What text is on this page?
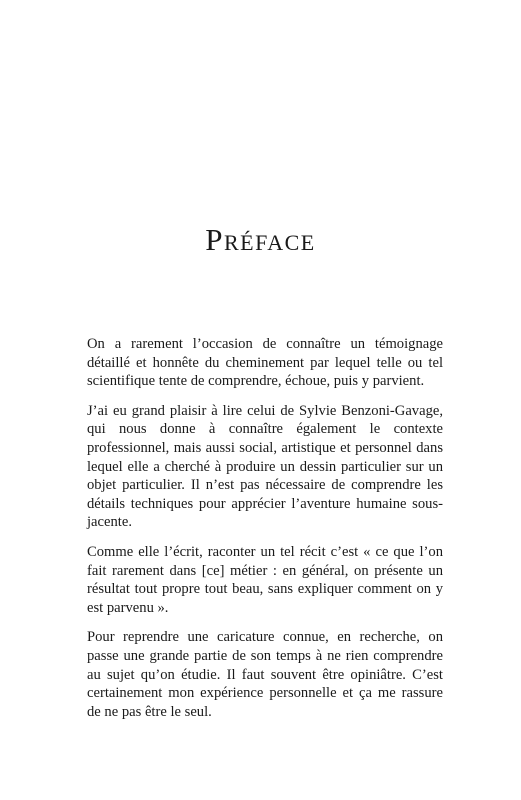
Préface

On a rarement l’occasion de connaître un témoignage détaillé et honnête du cheminement par lequel telle ou tel scientifique tente de comprendre, échoue, puis y parvient.

J’ai eu grand plaisir à lire celui de Sylvie Benzoni-Gavage, qui nous donne à connaître également le contexte professionnel, mais aussi social, artistique et personnel dans lequel elle a cherché à produire un dessin particulier sur un objet particulier. Il n’est pas nécessaire de comprendre les détails techniques pour apprécier l’aventure humaine sous-jacente.

Comme elle l’écrit, raconter un tel récit c’est « ce que l’on fait rarement dans [ce] métier : en général, on présente un résultat tout propre tout beau, sans expliquer comment on y est parvenu ».

Pour reprendre une caricature connue, en recherche, on passe une grande partie de son temps à ne rien comprendre au sujet qu’on étudie. Il faut souvent être opiniâtre. C’est certainement mon expérience personnelle et ça me rassure de ne pas être le seul.
